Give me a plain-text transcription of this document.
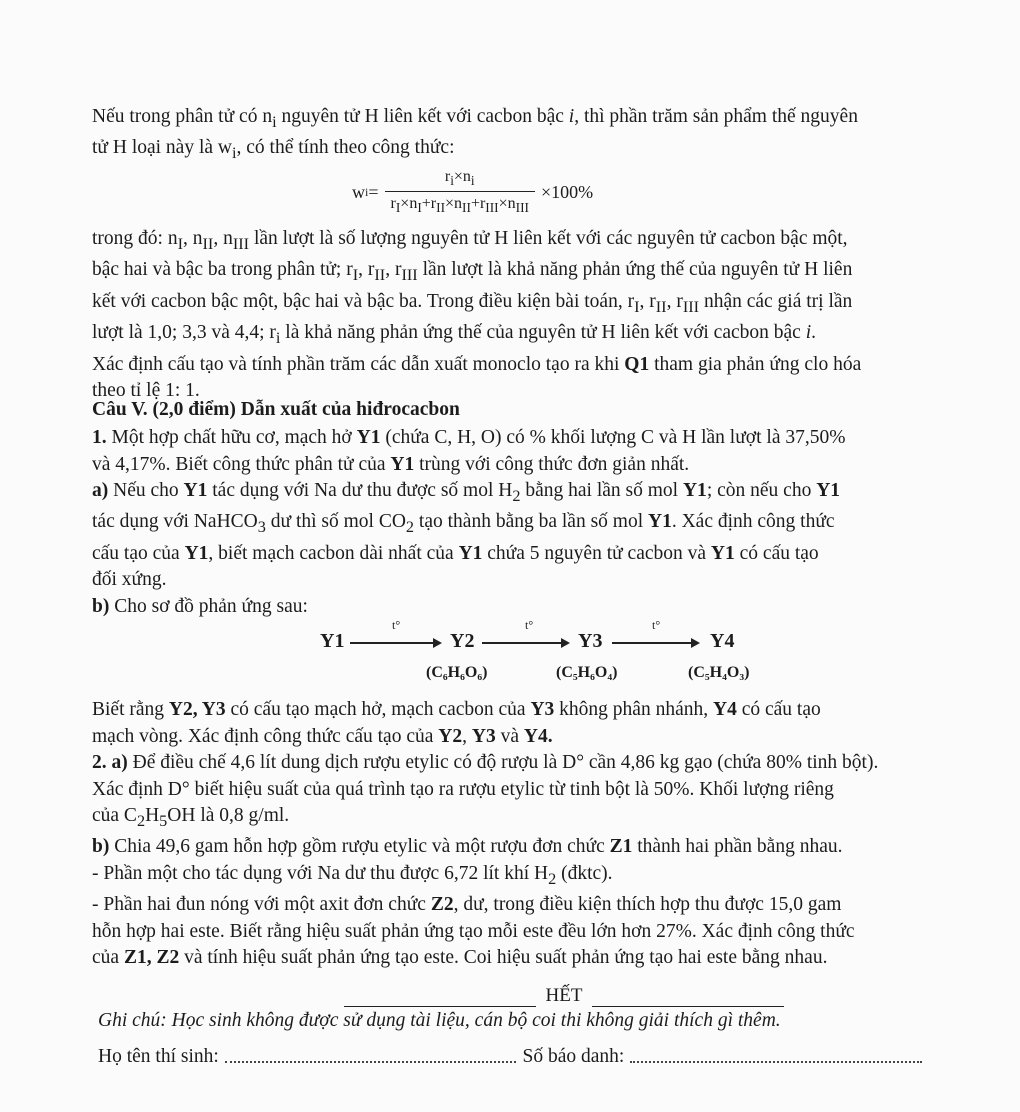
Nếu trong phân tử có $n_i$ nguyên tử H liên kết với cacbon bậc i, thì phần trăm sản phẩm thế nguyên
tử H loại này là $w_i$, có thể tính theo công thức:

w $i = \frac{r_i\times n_i}{r_I\times n_I+r_{II}\times n_{II}+r_{III}\times n_{III}} \times 100\%$

trong đó: $n_I$, $n_{II}$, $n_{III}$ lần lượt là số lượng nguyên tử H liên kết với các nguyên tử cacbon bậc một,
bậc hai và bậc ba trong phân tử; $r_I$, $r_{II}$, $r_{III}$ lần lượt là khả năng phản ứng thế của nguyên tử H liên
kết với cacbon bậc một, bậc hai và bậc ba. Trong điều kiện bài toán, $r_I$, $r_{II}$, $r_{III}$ nhận các giá trị lần
lượt là 1,0; 3,3 và 4,4; $r_i$ là khả năng phản ứng thế của nguyên tử H liên kết với cacbon bậc i.
Xác định cấu tạo và tính phần trăm các dẫn xuất monoclo tạo ra khi Q1 tham gia phản ứng clo hóa
theo tỉ lệ 1: 1.

Câu V. (2,0 điểm) Dẫn xuất của hiđrocacbon

1. Một hợp chất hữu cơ, mạch hở Y1 (chứa C, H, O) có % khối lượng C và H lần lượt là 37,50%
và 4,17%. Biết công thức phân tử của Y1 trùng với công thức đơn giản nhất.
a) Nếu cho Y1 tác dụng với Na dư thu được số mol $H_2$ bằng hai lần số mol Y1; còn nếu cho Y1
tác dụng với NaHCO$_3$ dư thì số mol $CO_2$ tạo thành bằng ba lần số mol Y1. Xác định công thức
cấu tạo của Y1, biết mạch cacbon dài nhất của Y1 chứa 5 nguyên tử cacbon và Y1 có cấu tạo
đối xứng.
b) Cho sơ đồ phản ứng sau:

Y1
t°
Y2
(C₆H₆O₆)
t°
Y3
(C₅H₆O₄)
t°
Y4
(C₅H₄O₃)

Biết rằng Y2, Y3 có cấu tạo mạch hở, mạch cacbon của Y3 không phân nhánh, Y4 có cấu tạo
mạch vòng. Xác định công thức cấu tạo của Y2, Y3 và Y4.
2. a) Để điều chế 4,6 lít dung dịch rượu etylic có độ rượu là D° cần 4,86 kg gạo (chứa 80% tinh bột).
Xác định D° biết hiệu suất của quá trình tạo ra rượu etylic từ tinh bột là 50%. Khối lượng riêng
của $C_2H_5OH$ là 0,8 g/ml.
b) Chia 49,6 gam hỗn hợp gồm rượu etylic và một rượu đơn chức Z1 thành hai phần bằng nhau.
- Phần một cho tác dụng với Na dư thu được 6,72 lít khí $H_2$ (đktc).
- Phần hai đun nóng với một axit đơn chức Z2, dư, trong điều kiện thích hợp thu được 15,0 gam
hỗn hợp hai este. Biết rằng hiệu suất phản ứng tạo mỗi este đều lớn hơn 27%. Xác định công thức
của Z1, Z2 và tính hiệu suất phản ứng tạo este. Coi hiệu suất phản ứng tạo hai este bằng nhau.

HẾT
Ghi chú: Học sinh không được sử dụng tài liệu, cán bộ coi thi không giải thích gì thêm.
Họ tên thí sinh:	Số báo danh:
